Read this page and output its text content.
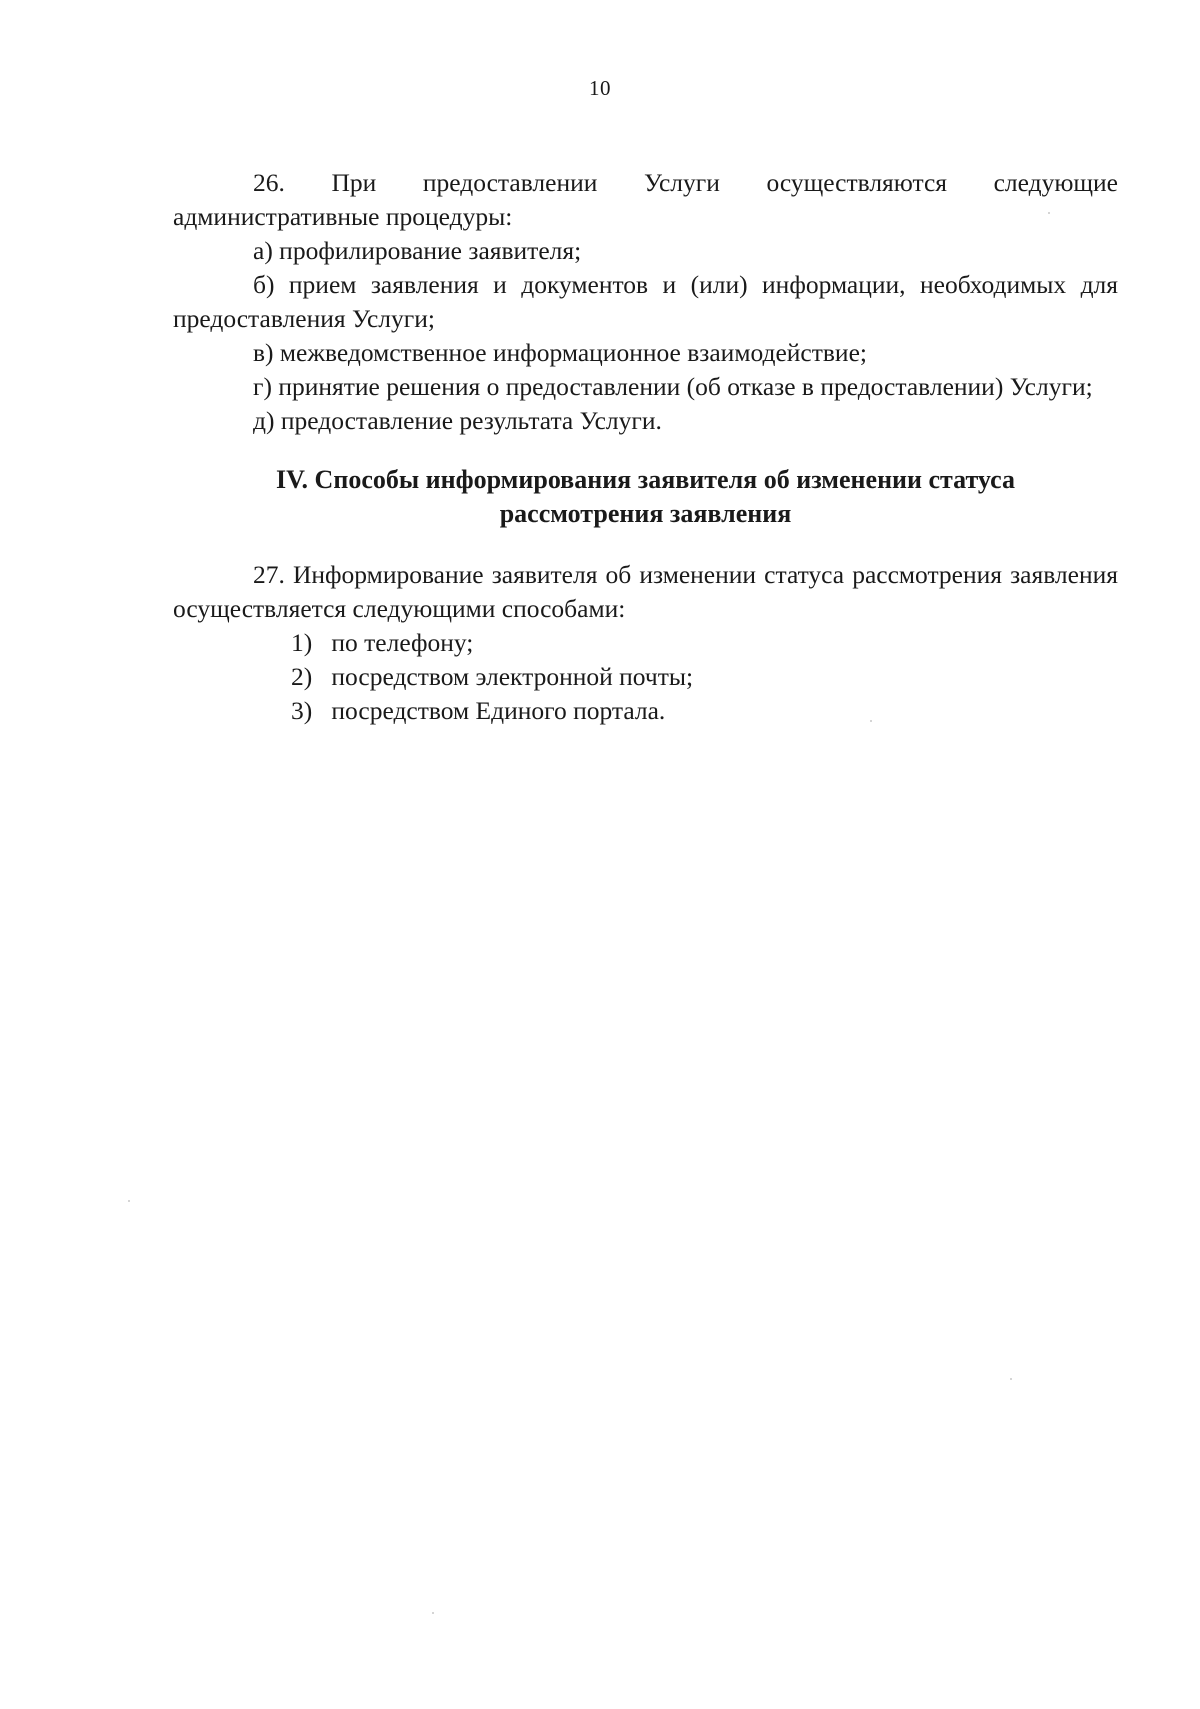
10

26. При предоставлении Услуги осуществляются следующие административные процедуры:

а) профилирование заявителя;

б) прием заявления и документов и (или) информации, необходимых для предоставления Услуги;

в) межведомственное информационное взаимодействие;

г) принятие решения о предоставлении (об отказе в предоставлении) Услуги;

д) предоставление результата Услуги.

IV. Способы информирования заявителя об изменении статуса рассмотрения заявления

27. Информирование заявителя об изменении статуса рассмотрения заявления осуществляется следующими способами:

1) по телефону;

2) посредством электронной почты;

3) посредством Единого портала.
